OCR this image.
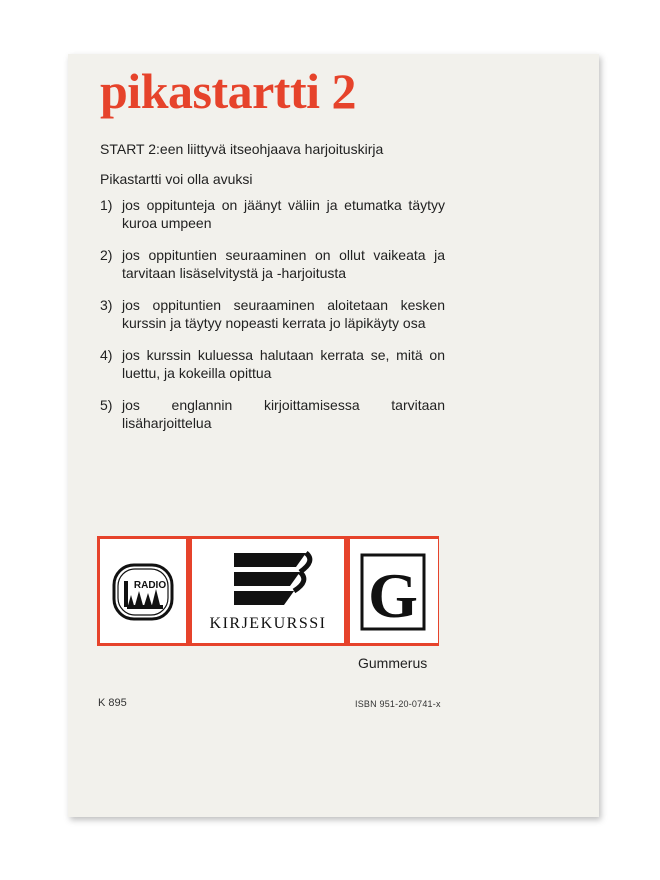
pikastartti 2

START 2:een liittyvä itseohjaava harjoituskirja

Pikastartti voi olla avuksi

1) jos oppitunteja on jäänyt väliin ja etumatka täytyy kuroa umpeen
2) jos oppituntien seuraaminen on ollut vaikeata ja tarvitaan lisäselvitystä ja -harjoitusta
3) jos oppituntien seuraaminen aloitetaan kesken kurssin ja täytyy nopeasti kerrata jo läpikäyty osa
4) jos kurssin kuluessa halutaan kerrata se, mitä on luettu, ja kokeilla opittua
5) jos englannin kirjoittamisessa tarvitaan lisäharjoittelua
RADIO
KIRJEKURSSI G

Gummerus

K 895	ISBN 951-20-0741-x
